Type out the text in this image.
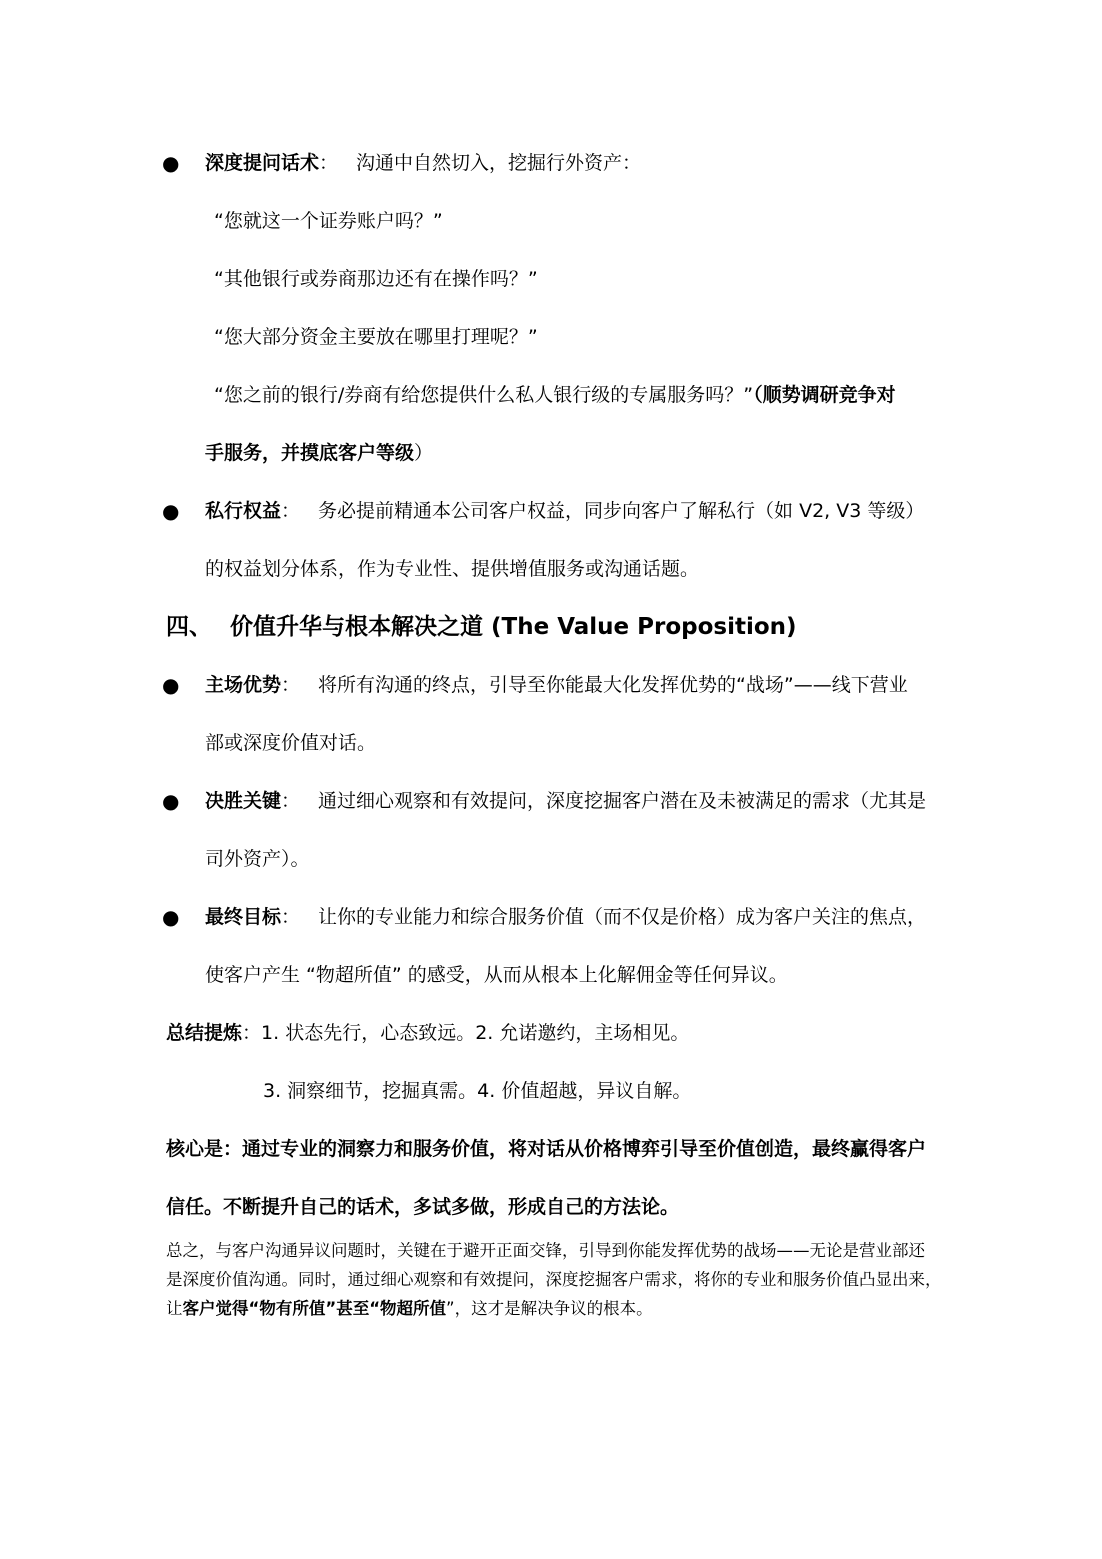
● 深度提问话术： 沟通中自然切入，挖掘行外资产：
“您就这一个证券账户吗？”
“其他银行或券商那边还有在操作吗？”
“您大部分资金主要放在哪里打理呢？”
“您之前的银行/券商有给您提供什么私人银行级的专属服务吗？”（顺势调研竞争对
手服务，并摸底客户等级）
● 私行权益： 务必提前精通本公司客户权益，同步向客户了解私行（如 V2, V3 等级）
的权益划分体系，作为专业性、提供增值服务或沟通话题。
四、 价值升华与根本解决之道 (The Value Proposition)
● 主场优势： 将所有沟通的终点，引导至你能最大化发挥优势的“战场”——线下营业
部或深度价值对话。
● 决胜关键： 通过细心观察和有效提问，深度挖掘客户潜在及未被满足的需求（尤其是
司外资产）。
● 最终目标： 让你的专业能力和综合服务价值（而不仅是价格）成为客户关注的焦点，
使客户产生 “物超所值” 的感受，从而从根本上化解佣金等任何异议。
总结提炼：1. 状态先行，心态致远。2. 允诺邀约，主场相见。
3. 洞察细节，挖掘真需。4. 价值超越，异议自解。
核心是：通过专业的洞察力和服务价值，将对话从价格博弈引导至价值创造，最终赢得客户
信任。不断提升自己的话术，多试多做，形成自己的方法论。
总之，与客户沟通异议问题时，关键在于避开正面交锋，引导到你能发挥优势的战场——无论是营业部还
是深度价值沟通。同时，通过细心观察和有效提问，深度挖掘客户需求，将你的专业和服务价值凸显出来，
让客户觉得“物有所值”甚至“物超所值”，这才是解决争议的根本。
